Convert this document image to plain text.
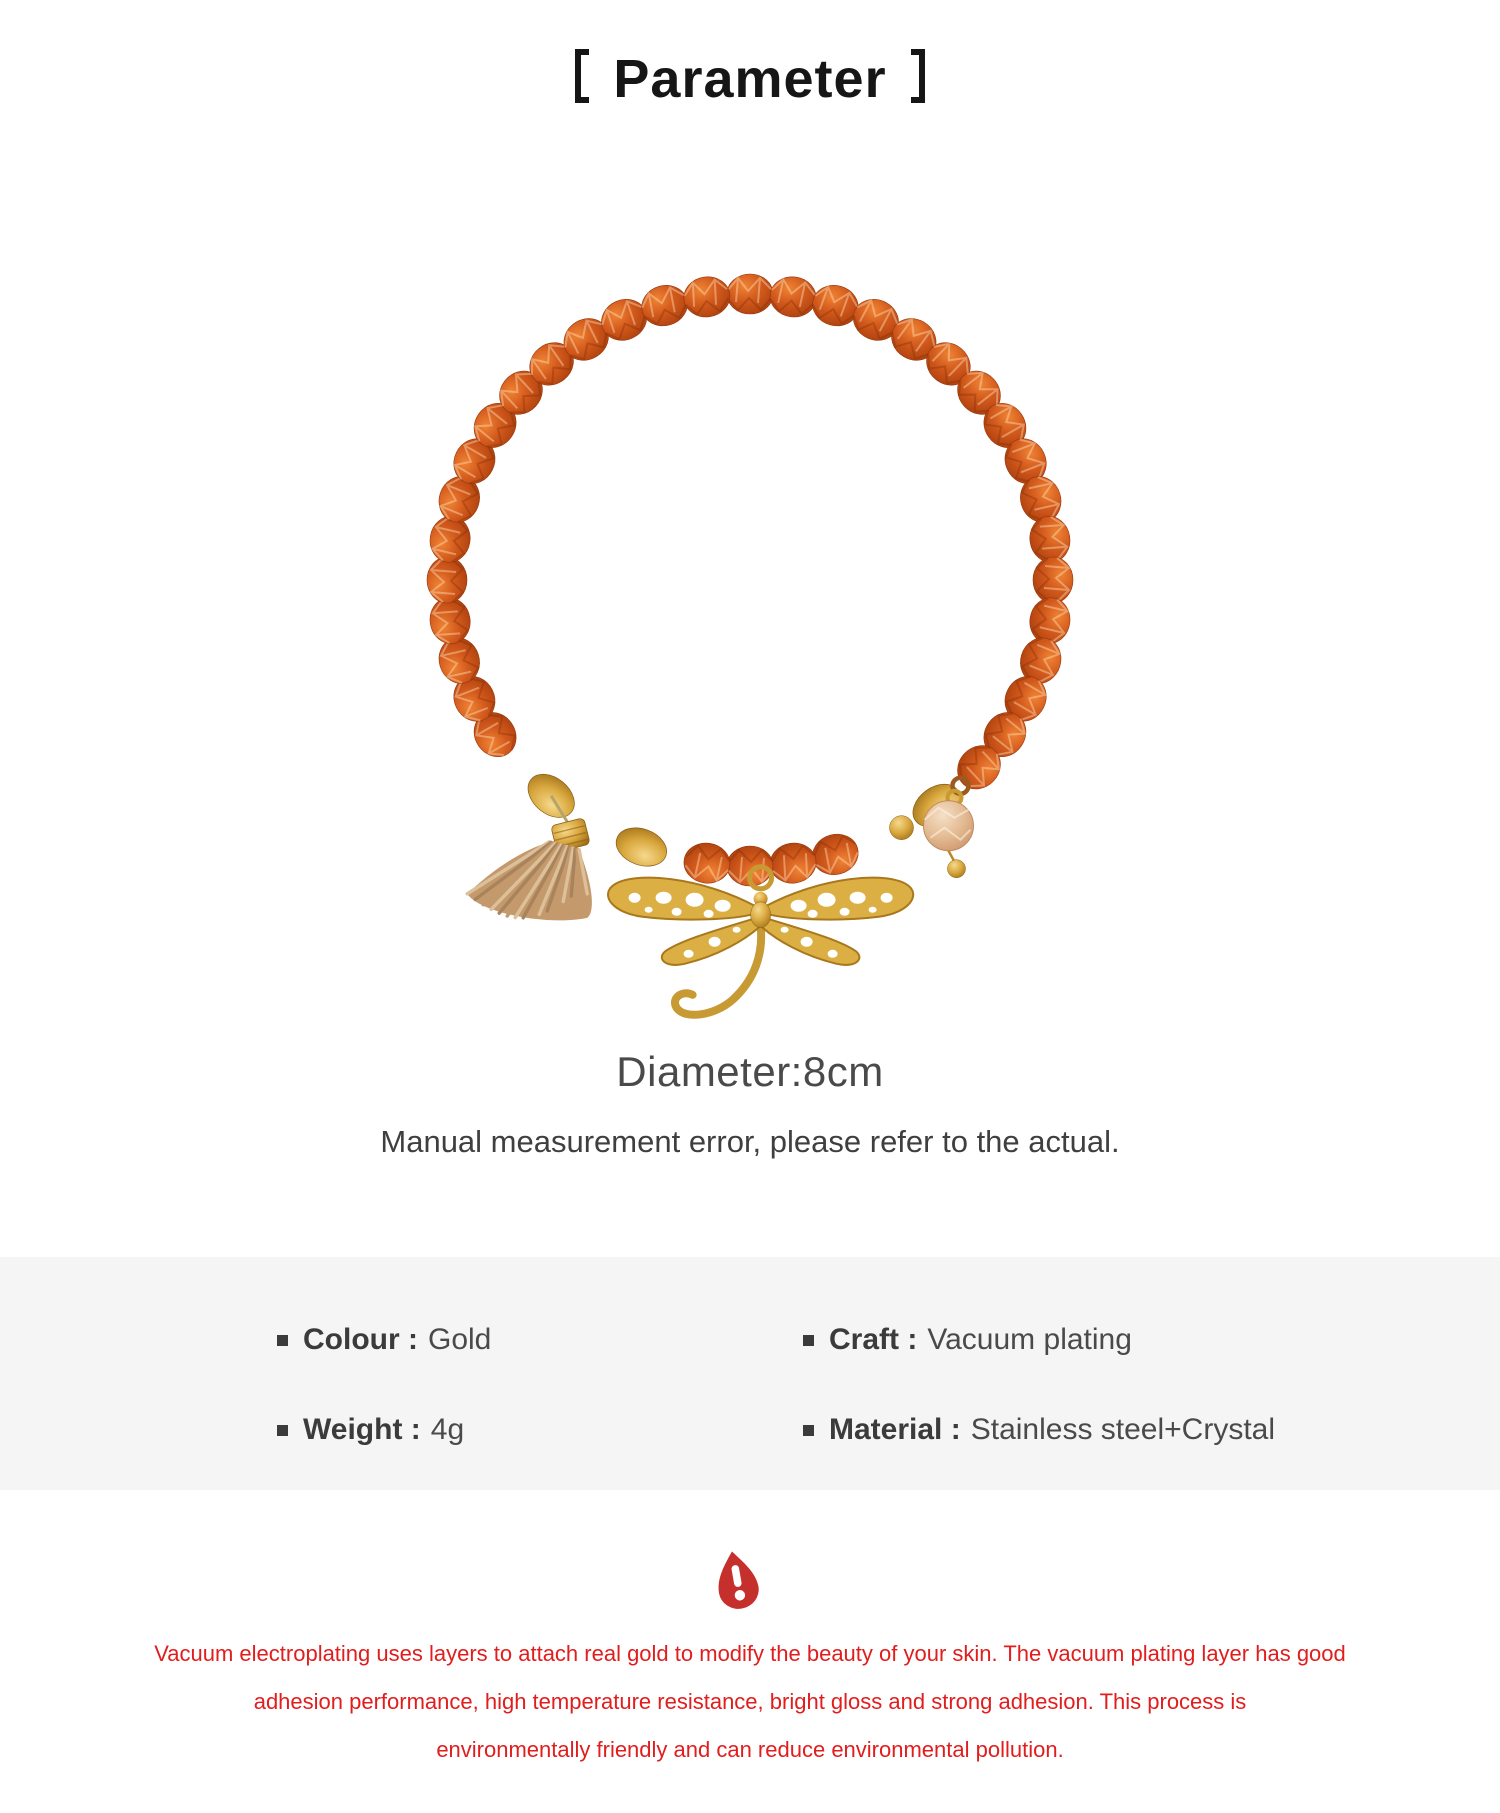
Parameter
Diameter:8cm
Manual measurement error, please refer to the actual.
Colour : Gold
Weight : 4g
Craft : Vacuum plating
Material : Stainless steel+Crystal
Vacuum electroplating uses layers to attach real gold to modify the beauty of your skin. The vacuum plating layer has good
adhesion performance, high temperature resistance, bright gloss and strong adhesion. This process is
environmentally friendly and can reduce environmental pollution.
